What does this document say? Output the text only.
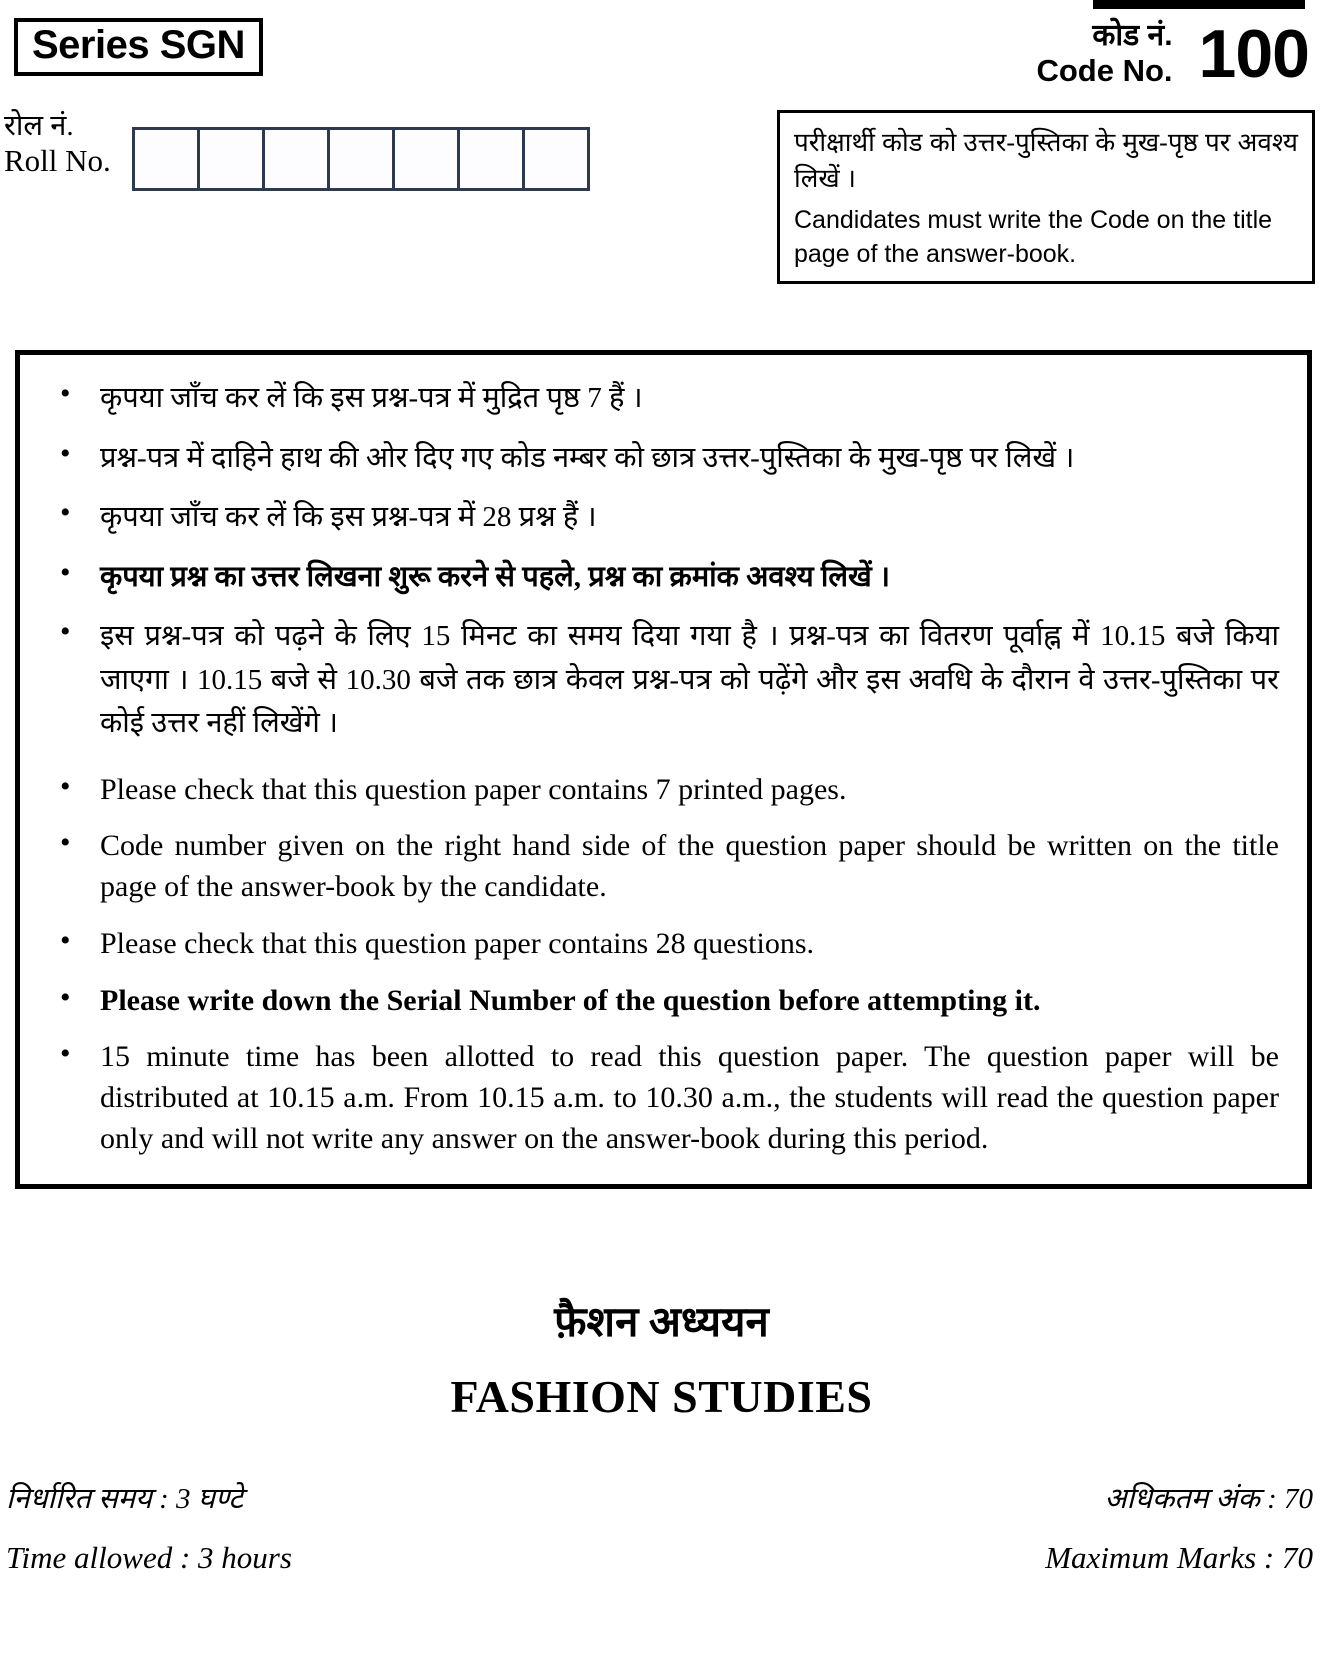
Series SGN
रोल नं.
Roll No.
कोड नं.
Code No. 100

परीक्षार्थी कोड को उत्तर-पुस्तिका के मुख-पृष्ठ पर अवश्य लिखें ।

Candidates must write the Code on the title page of the answer-book.

• कृपया जाँच कर लें कि इस प्रश्न-पत्र में मुद्रित पृष्ठ 7 हैं ।
• प्रश्न-पत्र में दाहिने हाथ की ओर दिए गए कोड नम्बर को छात्र उत्तर-पुस्तिका के मुख-पृष्ठ पर लिखें ।
• कृपया जाँच कर लें कि इस प्रश्न-पत्र में 28 प्रश्न हैं ।
• कृपया प्रश्न का उत्तर लिखना शुरू करने से पहले, प्रश्न का क्रमांक अवश्य लिखें ।
• इस प्रश्न-पत्र को पढ़ने के लिए 15 मिनट का समय दिया गया है । प्रश्न-पत्र का वितरण पूर्वाह्न में 10.15 बजे किया जाएगा । 10.15 बजे से 10.30 बजे तक छात्र केवल प्रश्न-पत्र को पढ़ेंगे और इस अवधि के दौरान वे उत्तर-पुस्तिका पर कोई उत्तर नहीं लिखेंगे ।
• Please check that this question paper contains 7 printed pages.
• Code number given on the right hand side of the question paper should be written on the title page of the answer-book by the candidate.
• Please check that this question paper contains 28 questions.
• Please write down the Serial Number of the question before attempting it.
• 15 minute time has been allotted to read this question paper. The question paper will be distributed at 10.15 a.m. From 10.15 a.m. to 10.30 a.m., the students will read the question paper only and will not write any answer on the answer-book during this period.
फ़ैशन अध्ययन
FASHION STUDIES
निर्धारित समय : 3 घण्टे	अधिकतम अंक : 70
Time allowed : 3 hours	Maximum Marks : 70
